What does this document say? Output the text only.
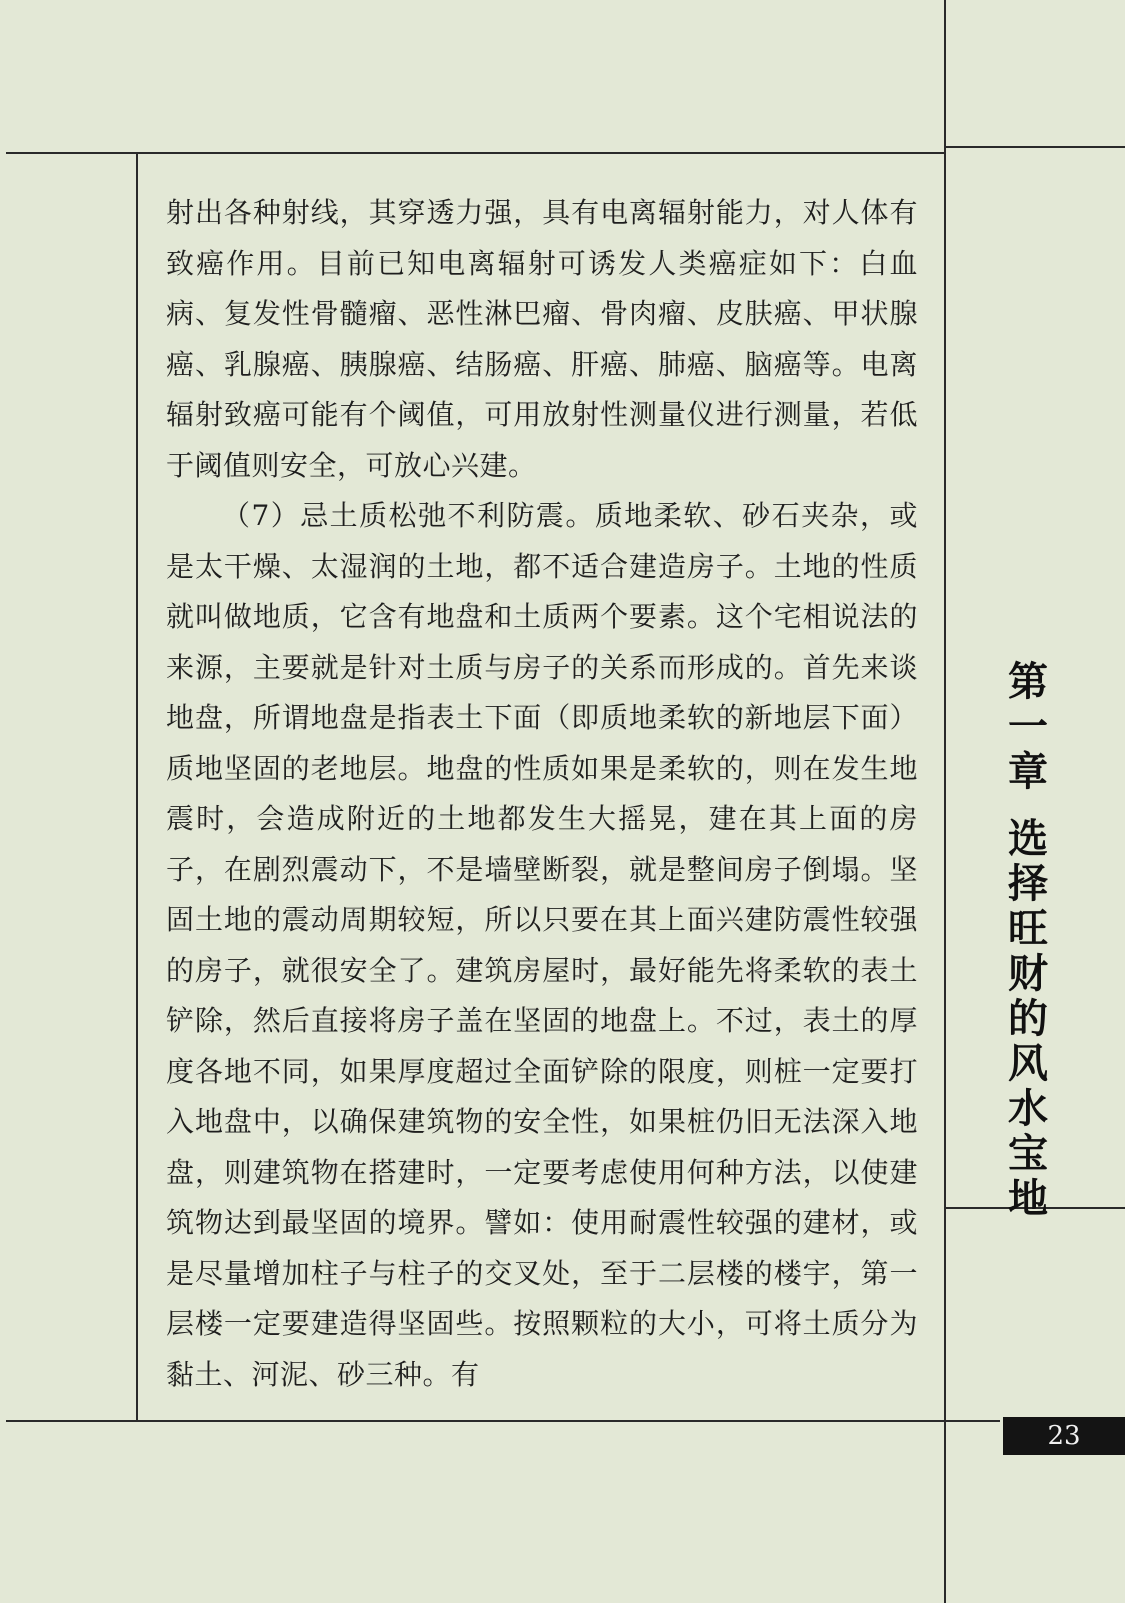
射出各种射线，其穿透力强，具有电离辐射能力，对人体有致癌作用。目前已知电离辐射可诱发人类癌症如下：白血病、复发性骨髓瘤、恶性淋巴瘤、骨肉瘤、皮肤癌、甲状腺癌、乳腺癌、胰腺癌、结肠癌、肝癌、肺癌、脑癌等。电离辐射致癌可能有个阈值，可用放射性测量仪进行测量，若低于阈值则安全，可放心兴建。

（7）忌土质松弛不利防震。质地柔软、砂石夹杂，或是太干燥、太湿润的土地，都不适合建造房子。土地的性质就叫做地质，它含有地盘和土质两个要素。这个宅相说法的来源，主要就是针对土质与房子的关系而形成的。首先来谈地盘，所谓地盘是指表土下面（即质地柔软的新地层下面）质地坚固的老地层。地盘的性质如果是柔软的，则在发生地震时，会造成附近的土地都发生大摇晃，建在其上面的房子，在剧烈震动下，不是墙壁断裂，就是整间房子倒塌。坚固土地的震动周期较短，所以只要在其上面兴建防震性较强的房子，就很安全了。建筑房屋时，最好能先将柔软的表土铲除，然后直接将房子盖在坚固的地盘上。不过，表土的厚度各地不同，如果厚度超过全面铲除的限度，则桩一定要打入地盘中，以确保建筑物的安全性，如果桩仍旧无法深入地盘，则建筑物在搭建时，一定要考虑使用何种方法，以使建筑物达到最坚固的境界。譬如：使用耐震性较强的建材，或是尽量增加柱子与柱子的交叉处，至于二层楼的楼宇，第一层楼一定要建造得坚固些。按照颗粒的大小，可将土质分为黏土、河泥、砂三种。有

第
一
章
选
择
旺
财
的
风
水
宝
地
23
